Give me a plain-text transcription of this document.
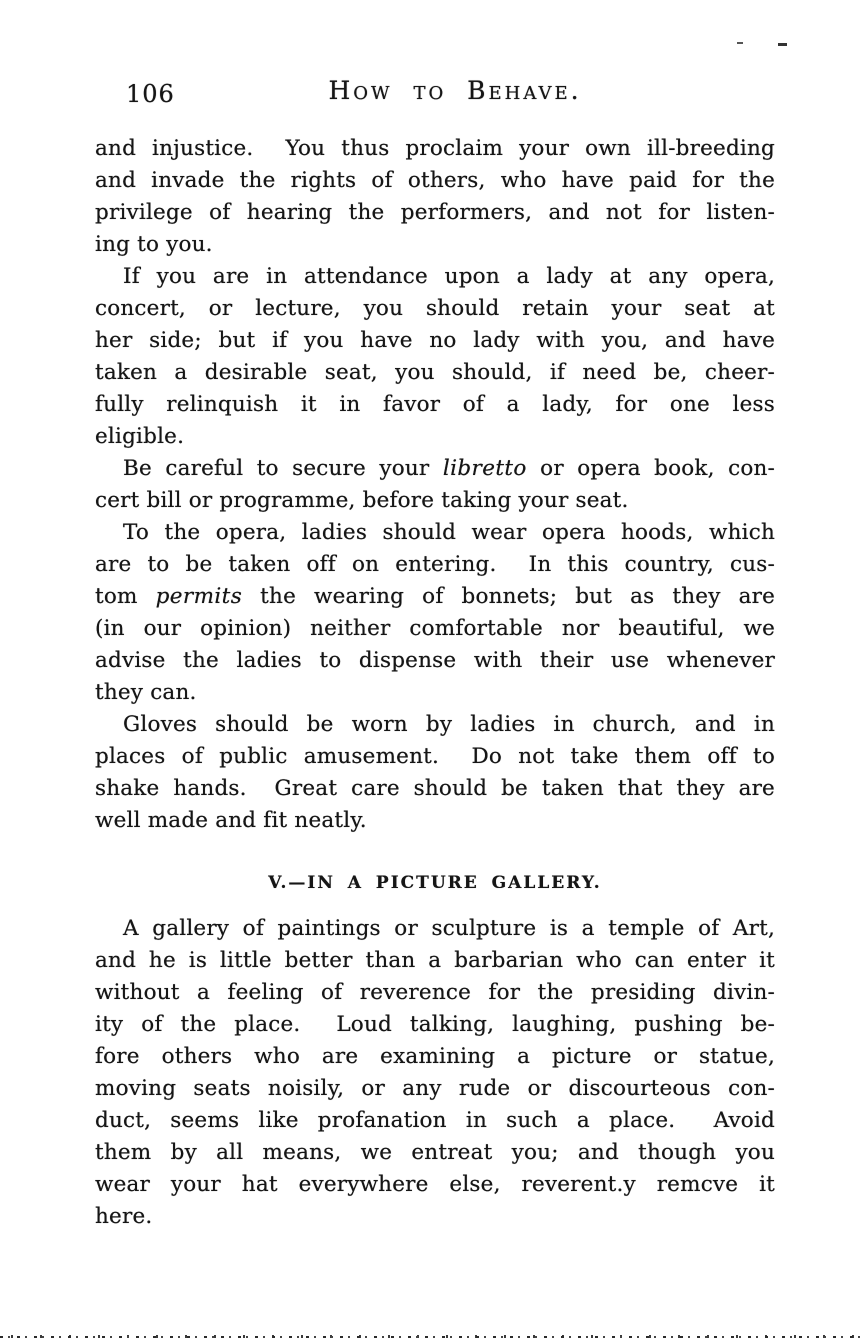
106	How to Behave.
and injustice.  You thus proclaim your own ill-breeding
and invade the rights of others, who have paid for the
privilege of hearing the performers, and not for listen-
ing to you.
If you are in attendance upon a lady at any opera,
concert, or lecture, you should retain your seat at
her side; but if you have no lady with you, and have
taken a desirable seat, you should, if need be, cheer-
fully relinquish it in favor of a lady, for one less
eligible.
Be careful to secure your libretto or opera book, con-
cert bill or programme, before taking your seat.
To the opera, ladies should wear opera hoods, which
are to be taken off on entering.  In this country, cus-
tom permits the wearing of bonnets; but as they are
(in our opinion) neither comfortable nor beautiful, we
advise the ladies to dispense with their use whenever
they can.
Gloves should be worn by ladies in church, and in
places of public amusement.  Do not take them off to
shake hands.  Great care should be taken that they are
well made and fit neatly.
V.—IN A PICTURE GALLERY.
A gallery of paintings or sculpture is a temple of Art,
and he is little better than a barbarian who can enter it
without a feeling of reverence for the presiding divin-
ity of the place.  Loud talking, laughing, pushing be-
fore others who are examining a picture or statue,
moving seats noisily, or any rude or discourteous con-
duct, seems like profanation in such a place.  Avoid
them by all means, we entreat you; and though you
wear your hat everywhere else, reverent.y remcve it
here.
